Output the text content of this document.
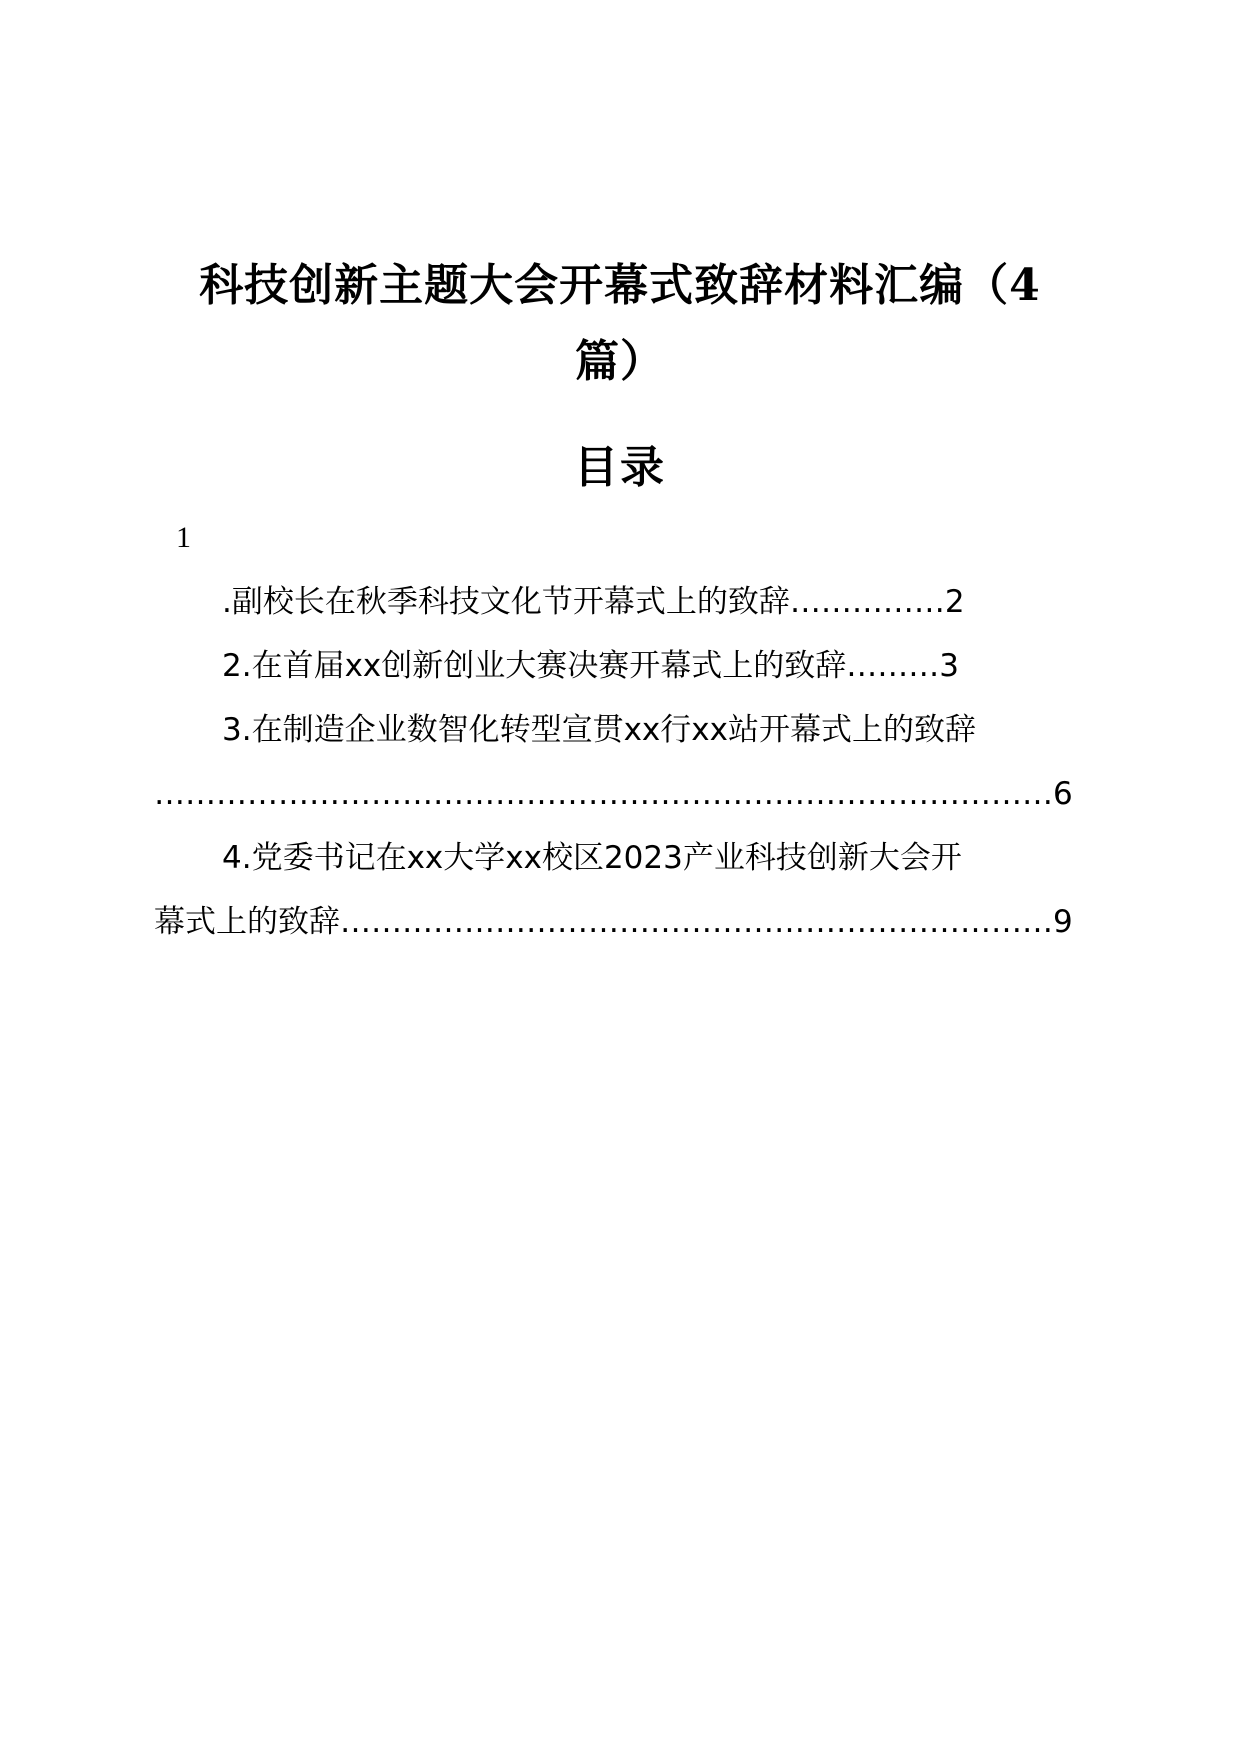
科技创新主题大会开幕式致辞材料汇编（4
篇）
目录
1
.副校长在秋季科技文化节开幕式上的致辞……………2
2.在首届xx创新创业大赛决赛开幕式上的致辞………3
3.在制造企业数智化转型宣贯xx行xx站开幕式上的致辞
……………………………………………………………………………6
4.党委书记在xx大学xx校区2023产业科技创新大会开
幕式上的致辞……………………………………………………………9
